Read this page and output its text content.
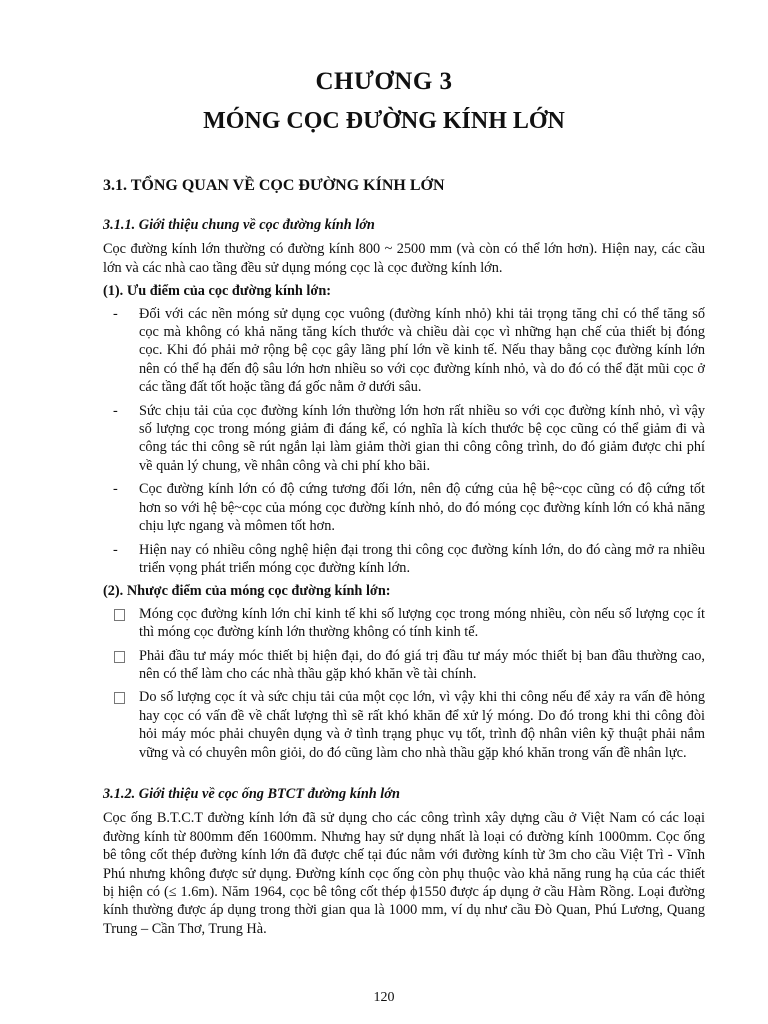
CHƯƠNG 3
MÓNG CỌC ĐƯỜNG KÍNH LỚN
3.1. TỔNG QUAN VỀ CỌC ĐƯỜNG KÍNH LỚN
3.1.1. Giới thiệu chung về cọc đường kính lớn
Cọc đường kính lớn thường có đường kính 800 ~ 2500 mm (và còn có thể lớn hơn). Hiện nay, các cầu lớn và các nhà cao tầng đều sử dụng móng cọc là cọc đường kính lớn.
(1). Ưu điểm của cọc đường kính lớn:
-	Đối với các nền móng sử dụng cọc vuông (đường kính nhỏ) khi tải trọng tăng chỉ có thể tăng số cọc mà không có khả năng tăng kích thước và chiều dài cọc vì những hạn chế của thiết bị đóng cọc. Khi đó phải mở rộng bệ cọc gây lãng phí lớn về kinh tế. Nếu thay bằng cọc đường kính lớn nên có thể hạ đến độ sâu lớn hơn nhiều so với cọc đường kính nhỏ, và do đó có thể đặt mũi cọc ở các tầng đất tốt hoặc tầng đá gốc nằm ở dưới sâu.
-	Sức chịu tải của cọc đường kính lớn thường lớn hơn rất nhiều so với cọc đường kính nhỏ, vì vậy số lượng cọc trong móng giảm đi đáng kể, có nghĩa là kích thước bệ cọc cũng có thể giảm đi và công tác thi công sẽ rút ngắn lại làm giảm thời gian thi công công trình, do đó giảm được chi phí về quản lý chung, về nhân công và chi phí kho bãi.
-	Cọc đường kính lớn có độ cứng tương đối lớn, nên độ cứng của hệ bệ~cọc cũng có độ cứng tốt hơn so với hệ bệ~cọc của móng cọc đường kính nhỏ, do đó móng cọc đường kính lớn có khả năng chịu lực ngang và mômen tốt hơn.
-	Hiện nay có nhiều công nghệ hiện đại trong thi công cọc đường kính lớn, do đó càng mở ra nhiều triển vọng phát triển móng cọc đường kính lớn.
(2). Nhược điểm của móng cọc đường kính lớn:
Móng cọc đường kính lớn chỉ kinh tế khi số lượng cọc trong móng nhiều, còn nếu số lượng cọc ít thì móng cọc đường kính lớn thường không có tính kinh tế.
Phải đầu tư máy móc thiết bị hiện đại, do đó giá trị đầu tư máy móc thiết bị ban đầu thường cao, nên có thể làm cho các nhà thầu gặp khó khăn về tài chính.
Do số lượng cọc ít và sức chịu tải của một cọc lớn, vì vậy khi thi công nếu để xảy ra vấn đề hỏng hay cọc có vấn đề về chất lượng thì sẽ rất khó khăn để xử lý móng. Do đó trong khi thi công đòi hỏi máy móc phải chuyên dụng và ở tình trạng phục vụ tốt, trình độ nhân viên kỹ thuật phải nắm vững và có chuyên môn giỏi, do đó cũng làm cho nhà thầu gặp khó khăn trong vấn đề nhân lực.
3.1.2. Giới thiệu về cọc ống BTCT đường kính lớn
Cọc ống B.T.C.T đường kính lớn đã sử dụng cho các công trình xây dựng cầu ở Việt Nam có các loại đường kính từ 800mm đến 1600mm. Nhưng hay sử dụng nhất là loại có đường kính 1000mm. Cọc ống bê tông cốt thép đường kính lớn đã được chế tại đúc nằm với đường kính từ 3m cho cầu Việt Trì - Vĩnh Phú nhưng không được sử dụng. Đường kính cọc ống còn phụ thuộc vào khả năng rung hạ của các thiết bị hiện có (≤ 1.6m). Năm 1964, cọc bê tông cốt thép ϕ1550 được áp dụng ở cầu Hàm Rồng. Loại đường kính thường được áp dụng trong thời gian qua là 1000 mm, ví dụ như cầu Đò Quan, Phú Lương, Quang Trung – Cần Thơ, Trung Hà.
120
